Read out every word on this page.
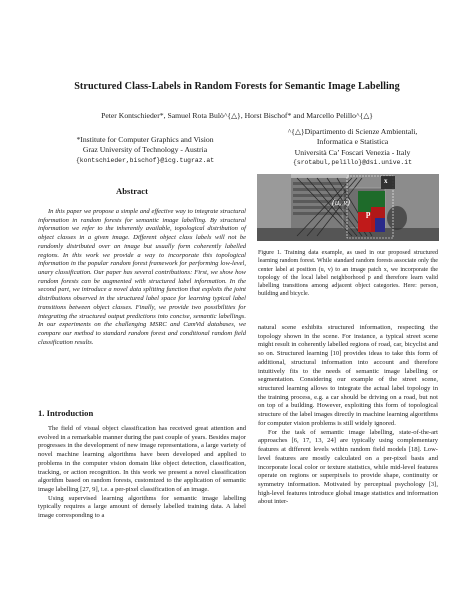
Structured Class-Labels in Random Forests for Semantic Image Labelling
Peter Kontschieder*, Samuel Rota Bulò^{△}, Horst Bischof* and Marcello Pelillo^{△}
*Institute for Computer Graphics and Vision
Graz University of Technology - Austria
{kontschieder,bischof}@icg.tugraz.at
^{△}Dipartimento di Scienze Ambientali,
Informatica e Statistica
Università Ca’ Foscari Venezia - Italy
{srotabul,pelillo}@dsi.unive.it
Abstract

In this paper we propose a simple and effective way to integrate structural information in random forests for semantic image labelling. By structural information we refer to the inherently available, topological distribution of object classes in a given image. Different object class labels will not be randomly distributed over an image but usually form coherently labelled regions. In this work we provide a way to incorporate this topological information in the popular random forest framework for performing low-level, unary classification. Our paper has several contributions: First, we show how random forests can be augmented with structured label information. In the second part, we introduce a novel data splitting function that exploits the joint distributions observed in the structured label space for learning typical label transitions between object classes. Finally, we provide two possibilities for integrating the structured output predictions into concise, semantic labellings. In our experiments on the challenging MSRC and CamVid databases, we compare our method to standard random forest and conditional random field classification results.

1. Introduction

The field of visual object classification has received great attention and evolved in a remarkable manner during the past couple of years. Besides major progresses in the development of new image representations, a large variety of novel machine learning algorithms have been developed and applied to problems in the computer vision domain like object detection, classification, tracking, or action recognition. In this work we present a novel classification algorithm based on random forests, customized to the application of semantic image labelling [27, 9], i.e. a per-pixel classification of an image.

Using supervised learning algorithms for semantic image labelling typically requires a large amount of densely labelled training data. A label image corresponding to a

(u, v)
x
p
Figure 1. Training data example, as used in our proposed structured learning random forest. While standard random forests associate only the center label at position (u, v) to an image patch x, we incorporate the topology of the local label neighborhood p and therefore learn valid labelling transitions among adjacent object categories. Here: person, building and bicycle.

natural scene exhibits structured information, respecting the topology shown in the scene. For instance, a typical street scene might result in coherently labelled regions of road, car, bicyclist and so on. Structured learning [10] provides ideas to take this form of additional, structural information into account and therefore intuitively fits to the needs of semantic image labelling or segmentation. Considering our example of the street scene, structured learning allows to integrate the actual label topology in the training process, e.g. a car should be driving on a road, but not on top of a building. However, exploiting this form of topological structure of the label images directly in machine learning algorithms for computer vision problems is still widely ignored.

For the task of semantic image labelling, state-of-the-art approaches [6, 17, 13, 24] are typically using complementary features at different levels within random field models [18]. Low-level features are mostly calculated on a per-pixel basis and incorporate local color or texture statistics, while mid-level features operate on regions or superpixels to provide shape, continuity or symmetry information. Motivated by perceptual psychology [3], high-level features introduce global image statistics and information about inter-
